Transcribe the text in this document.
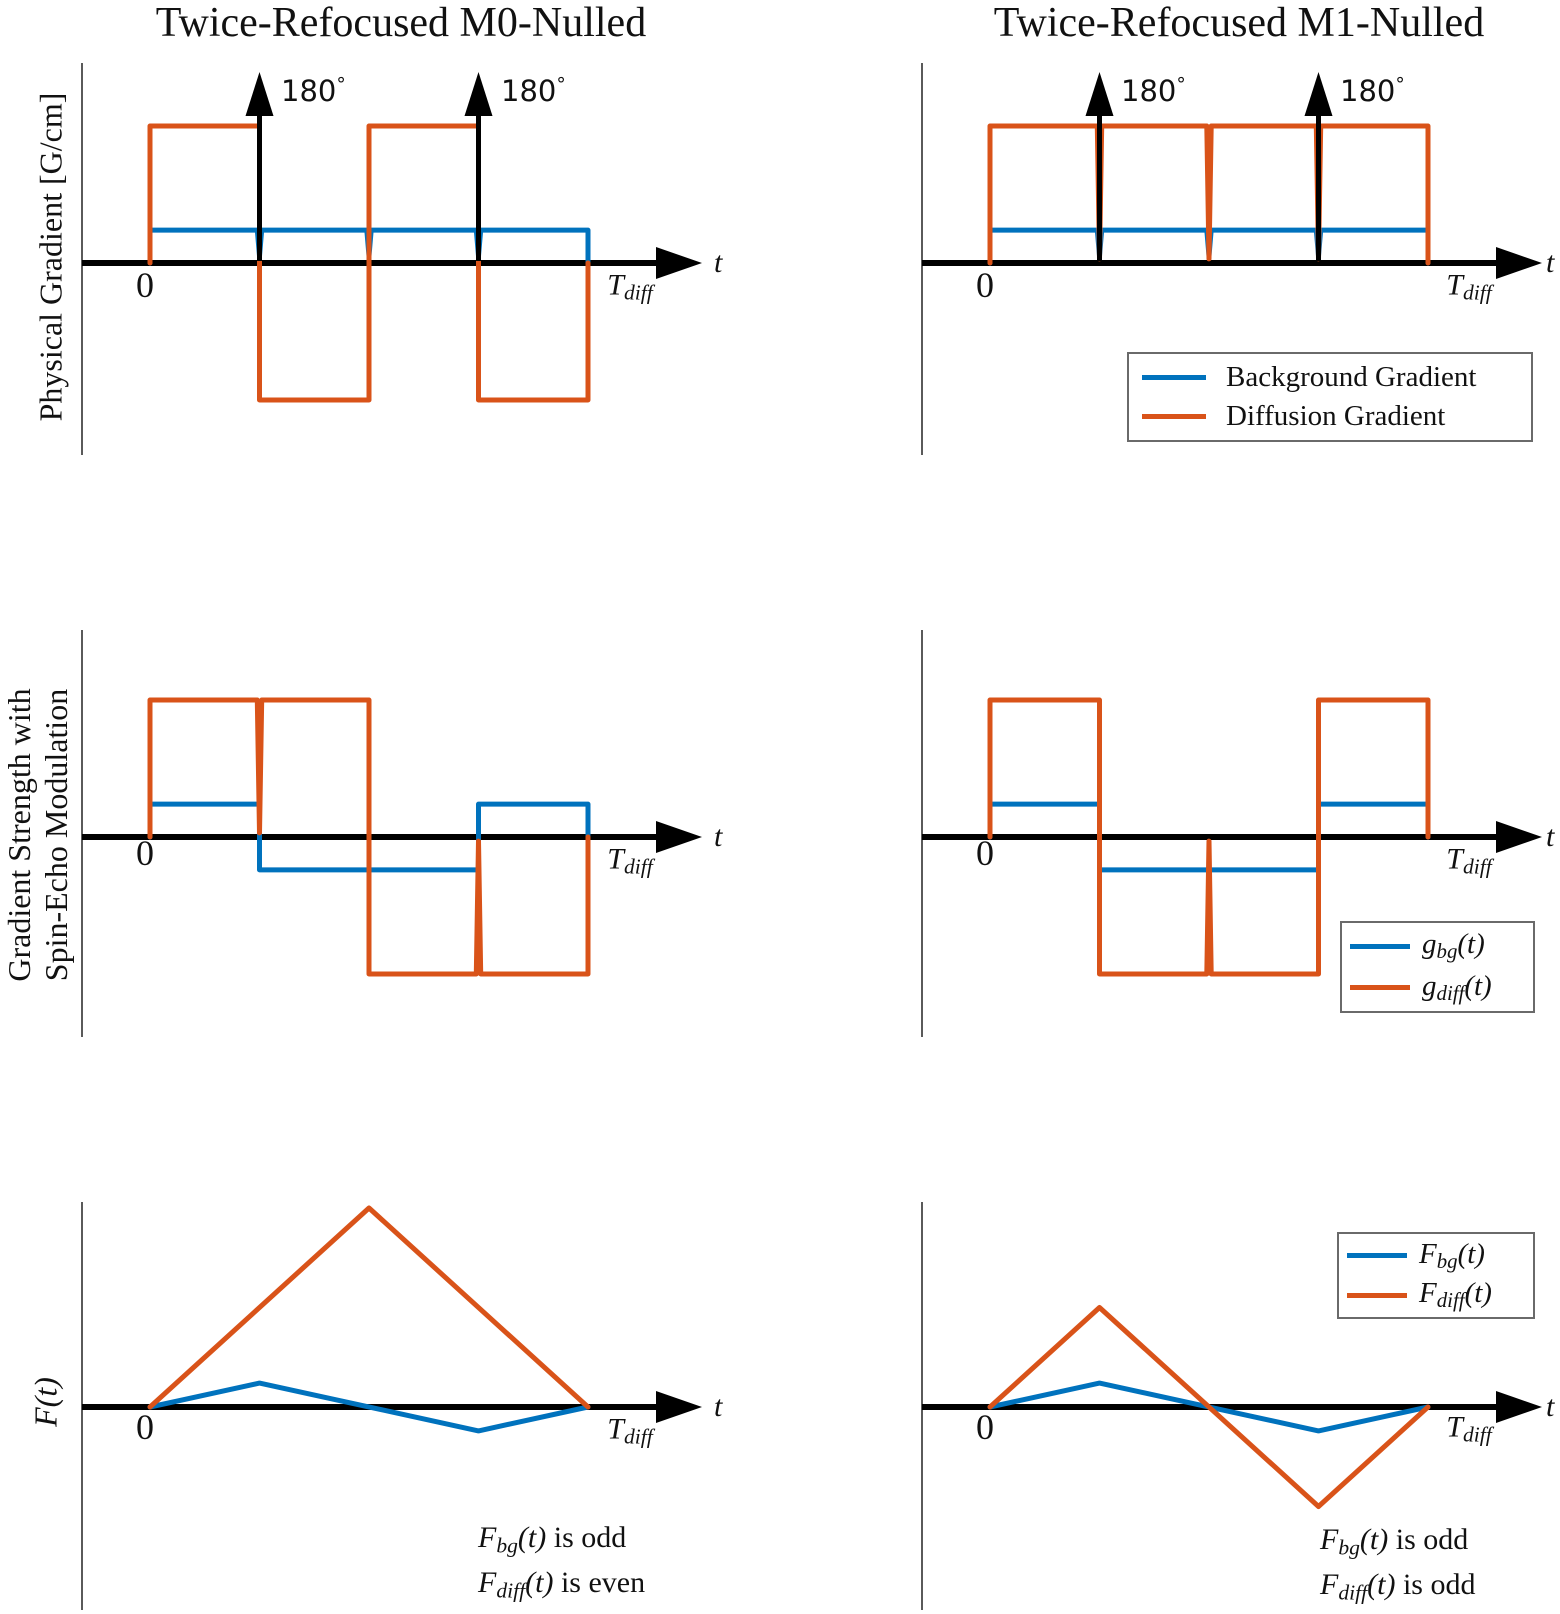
Twice-Refocused M0-Nulled	Twice-Refocused M1-Nulled
Physical Gradient [G/cm]
Gradient Strength with Spin-Echo Modulation
F(t)
0	0
0	0
0	0
$T_{diff}$	$T_{diff}$
$T_{diff}$	$T_{diff}$
$T_{diff}$	$T_{diff}$
t	t
t	t
t	t
180°	180°	180°	180°
Background Gradient
Diffusion Gradient
$g_{bg}(t)$
$g_{diff}(t)$
$F_{bg}(t)$
$F_{diff}(t)$
$F_{bg}(t)$ is odd
$F_{diff}(t)$ is even
$F_{bg}(t)$ is odd
$F_{diff}(t)$ is odd
